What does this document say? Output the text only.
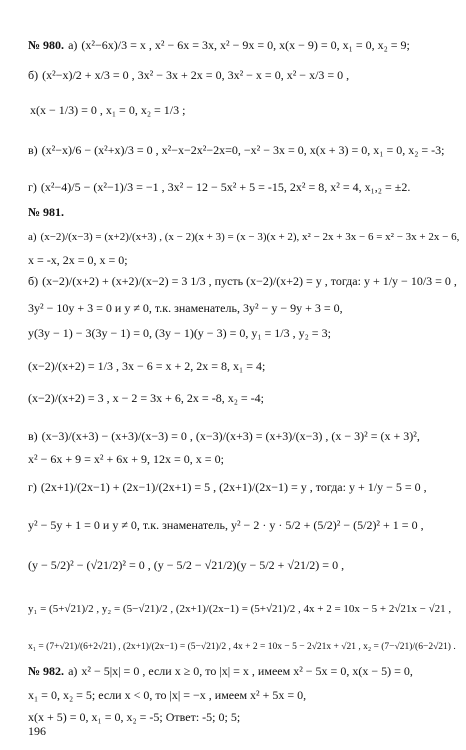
№ 980. а) (x²−6x)/3 = x , x² − 6x = 3x, x² − 9x = 0, x(x − 9) = 0, x₁ = 0, x₂ = 9;
б) (x²−x)/2 + x/3 = 0 , 3x² − 3x + 2x = 0, 3x² − x = 0, x² − x/3 = 0 ,
x(x − 1/3) = 0 , x₁ = 0, x₂ = 1/3 ;
в) (x²−x)/6 − (x²+x)/3 = 0 , x²−x−2x²−2x=0, −x² − 3x = 0, x(x + 3) = 0, x₁ = 0, x₂ = -3;
г) (x²−4)/5 − (x²−1)/3 = −1 , 3x² − 12 − 5x² + 5 = -15, 2x² = 8, x² = 4, x₁,₂ = ±2.
№ 981.
а) (x−2)/(x−3) = (x+2)/(x+3) , (x − 2)(x + 3) = (x − 3)(x + 2), x² − 2x + 3x − 6 = x² − 3x + 2x − 6,
x = -x, 2x = 0, x = 0;
б) (x−2)/(x+2) + (x+2)/(x−2) = 3 1/3 , пусть (x−2)/(x+2) = y , тогда: y + 1/y − 10/3 = 0 ,
3y² − 10y + 3 = 0 и y ≠ 0, т.к. знаменатель, 3y² − y − 9y + 3 = 0,
y(3y − 1) − 3(3y − 1) = 0, (3y − 1)(y − 3) = 0, y₁ = 1/3 , y₂ = 3;
(x−2)/(x+2) = 1/3 , 3x − 6 = x + 2, 2x = 8, x₁ = 4;
(x−2)/(x+2) = 3 , x − 2 = 3x + 6, 2x = -8, x₂ = -4;
в) (x−3)/(x+3) − (x+3)/(x−3) = 0 , (x−3)/(x+3) = (x+3)/(x−3) , (x − 3)² = (x + 3)²,
x² − 6x + 9 = x² + 6x + 9, 12x = 0, x = 0;
г) (2x+1)/(2x−1) + (2x−1)/(2x+1) = 5 , (2x+1)/(2x−1) = y , тогда: y + 1/y − 5 = 0 ,
y² − 5y + 1 = 0 и y ≠ 0, т.к. знаменатель, y² − 2 · y · 5/2 + (5/2)² − (5/2)² + 1 = 0 ,
(y − 5/2)² − (√21/2)² = 0 , (y − 5/2 − √21/2)(y − 5/2 + √21/2) = 0 ,
y₁ = (5+√21)/2 , y₂ = (5−√21)/2 , (2x+1)/(2x−1) = (5+√21)/2 , 4x + 2 = 10x − 5 + 2√21x − √21 ,
x₁ = (7+√21)/(6+2√21) , (2x+1)/(2x−1) = (5−√21)/2 , 4x + 2 = 10x − 5 − 2√21x + √21 , x₂ = (7−√21)/(6−2√21) .
№ 982. а) x² − 5|x| = 0 , если x ≥ 0, то |x| = x , имеем x² − 5x = 0, x(x − 5) = 0,
x₁ = 0, x₂ = 5; если x < 0, то |x| = −x , имеем x² + 5x = 0,
x(x + 5) = 0, x₁ = 0, x₂ = -5; Ответ: -5; 0; 5;
196
